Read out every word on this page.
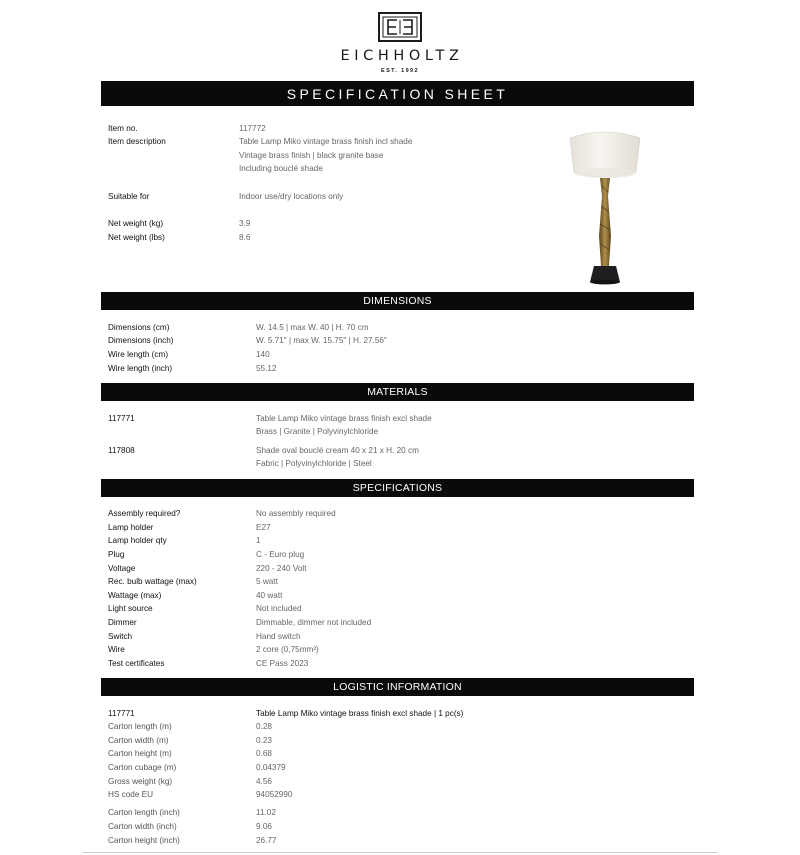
EICHHOLTZ
EST. 1992
SPECIFICATION SHEET
Item no.	117772
Item description	Table Lamp Miko vintage brass finish incl shade
Vintage brass finish | black granite base
Including bouclé shade
Suitable for	Indoor use/dry locations only
Net weight (kg)	3.9
Net weight (lbs)	8.6
DIMENSIONS
Dimensions (cm)	W. 14.5 | max W. 40 | H. 70 cm
Dimensions (inch)	W. 5.71" | max W. 15.75" | H. 27.56"
Wire length (cm)	140
Wire length (inch)	55.12
MATERIALS
117771	Table Lamp Miko vintage brass finish excl shade
Brass | Granite | Polyvinylchloride
117808	Shade oval bouclé cream 40 x 21 x H. 20 cm
Fabric | Polyvinylchloride | Steel
SPECIFICATIONS
Assembly required?	No assembly required
Lamp holder	E27
Lamp holder qty	1
Plug	C - Euro plug
Voltage	220 - 240 Volt
Rec. bulb wattage (max)	5 watt
Wattage (max)	40 watt
Light source	Not included
Dimmer	Dimmable, dimmer not included
Switch	Hand switch
Wire	2 core (0,75mm²)
Test certificates	CE Pass 2023
LOGISTIC INFORMATION
117771	Table Lamp Miko vintage brass finish excl shade | 1 pc(s)
Carton length (m)	0.28
Carton width (m)	0.23
Carton height (m)	0.68
Carton cubage (m)	0.04379
Gross weight (kg)	4.56
HS code EU	94052990
Carton length (inch)	11.02
Carton width (inch)	9.06
Carton height (inch)	26.77
